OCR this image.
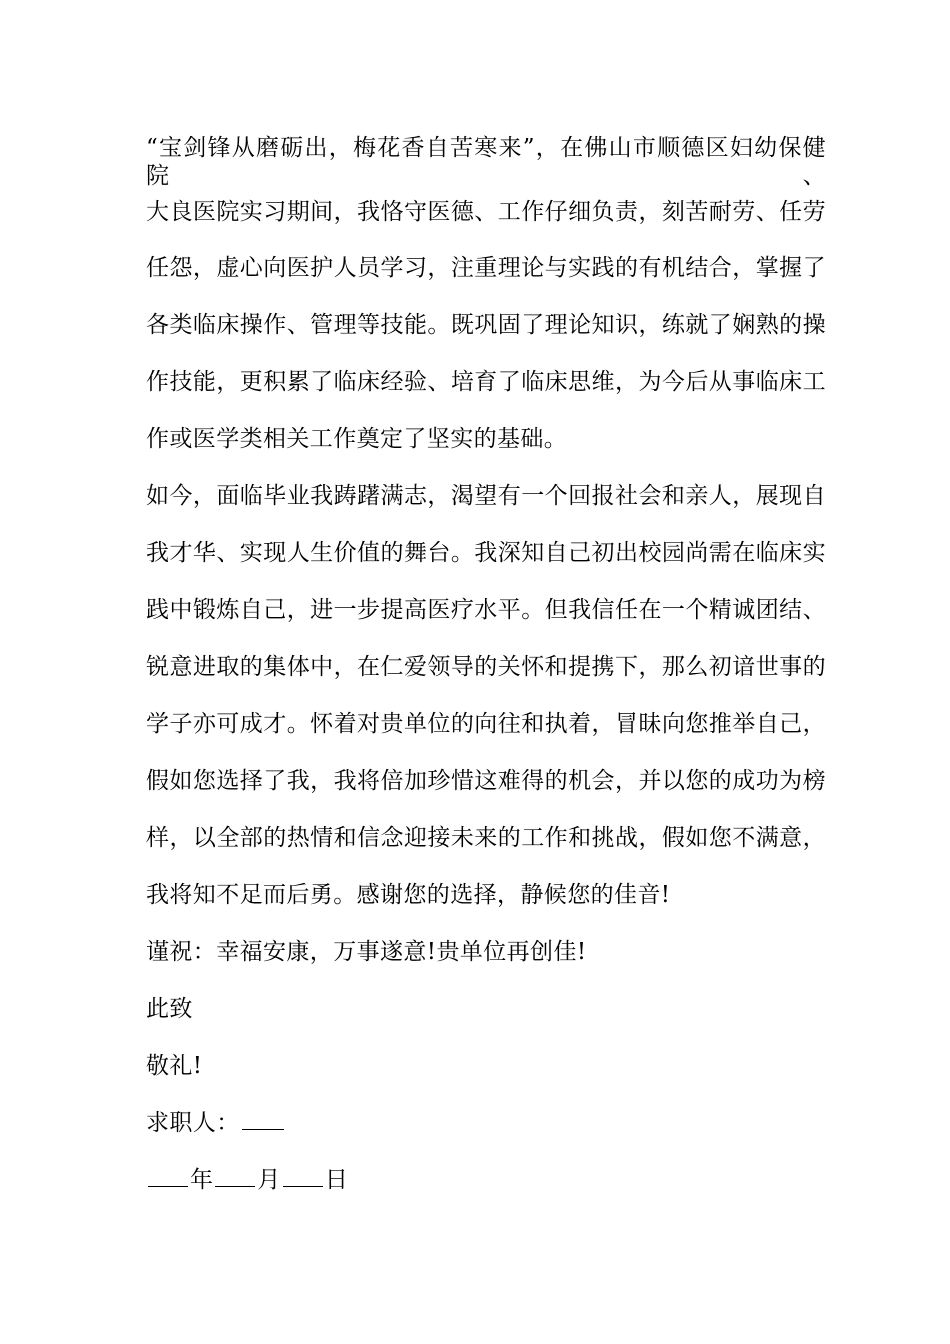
“宝剑锋从磨砺出，梅花香自苦寒来”，在佛山市顺德区妇幼保健院、

大良医院实习期间，我恪守医德、工作仔细负责，刻苦耐劳、任劳

任怨，虚心向医护人员学习，注重理论与实践的有机结合，掌握了

各类临床操作、管理等技能。既巩固了理论知识，练就了娴熟的操

作技能，更积累了临床经验、培育了临床思维，为今后从事临床工

作或医学类相关工作奠定了坚实的基础。

如今，面临毕业我踌躇满志，渴望有一个回报社会和亲人，展现自

我才华、实现人生价值的舞台。我深知自己初出校园尚需在临床实

践中锻炼自己，进一步提高医疗水平。但我信任在一个精诚团结、

锐意进取的集体中，在仁爱领导的关怀和提携下，那么初谙世事的

学子亦可成才。怀着对贵单位的向往和执着，冒昧向您推举自己，

假如您选择了我，我将倍加珍惜这难得的机会，并以您的成功为榜

样，以全部的热情和信念迎接未来的工作和挑战，假如您不满意，

我将知不足而后勇。感谢您的选择，静候您的佳音!

谨祝：幸福安康，万事遂意!贵单位再创佳!

此致

敬礼!

求职人：

年 月 日
